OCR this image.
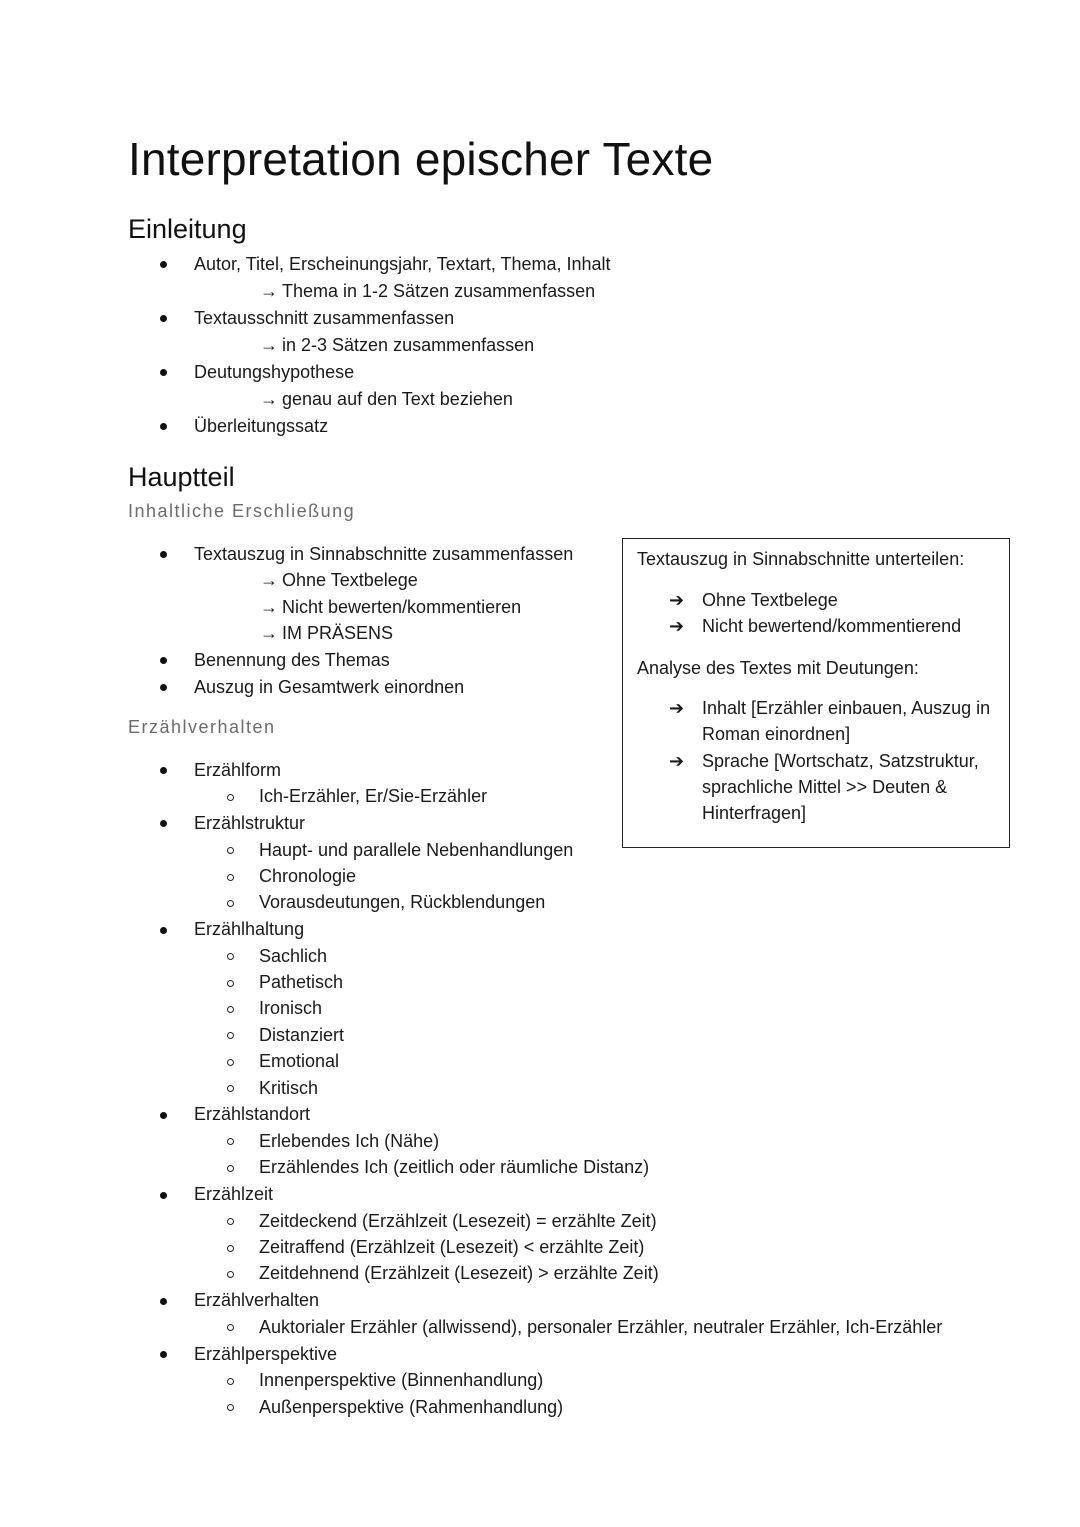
Interpretation epischer Texte
Einleitung

Autor, Titel, Erscheinungsjahr, Textart, Thema, Inhalt

→ Thema in 1-2 Sätzen zusammenfassen

Textausschnitt zusammenfassen

→ in 2-3 Sätzen zusammenfassen

Deutungshypothese

→ genau auf den Text beziehen

Überleitungssatz

Hauptteil
Inhaltliche Erschließung

Textauszug in Sinnabschnitte zusammenfassen

→ Ohne Textbelege

→ Nicht bewerten/kommentieren

→ IM PRÄSENS

Benennung des Themas

Auszug in Gesamtwerk einordnen

Erzählverhalten

Erzählform

Ich-Erzähler, Er/Sie-Erzähler

Erzählstruktur

Haupt- und parallele Nebenhandlungen

Chronologie

Vorausdeutungen, Rückblendungen

Erzählhaltung

Sachlich

Pathetisch

Ironisch

Distanziert

Emotional

Kritisch

Erzählstandort

Erlebendes Ich (Nähe)

Erzählendes Ich (zeitlich oder räumliche Distanz)

Erzählzeit

Zeitdeckend (Erzählzeit (Lesezeit) = erzählte Zeit)

Zeitraffend (Erzählzeit (Lesezeit) < erzählte Zeit)

Zeitdehnend (Erzählzeit (Lesezeit) > erzählte Zeit)

Erzählverhalten

Auktorialer Erzähler (allwissend), personaler Erzähler, neutraler Erzähler, Ich-Erzähler

Erzählperspektive

Innenperspektive (Binnenhandlung)

Außenperspektive (Rahmenhandlung)

Textauszug in Sinnabschnitte unterteilen:

➔ Ohne Textbelege

➔ Nicht bewertend/kommentierend

Analyse des Textes mit Deutungen:

➔ Inhalt [Erzähler einbauen, Auszug in

Roman einordnen]

➔ Sprache [Wortschatz, Satzstruktur,

sprachliche Mittel >> Deuten &

Hinterfragen]
